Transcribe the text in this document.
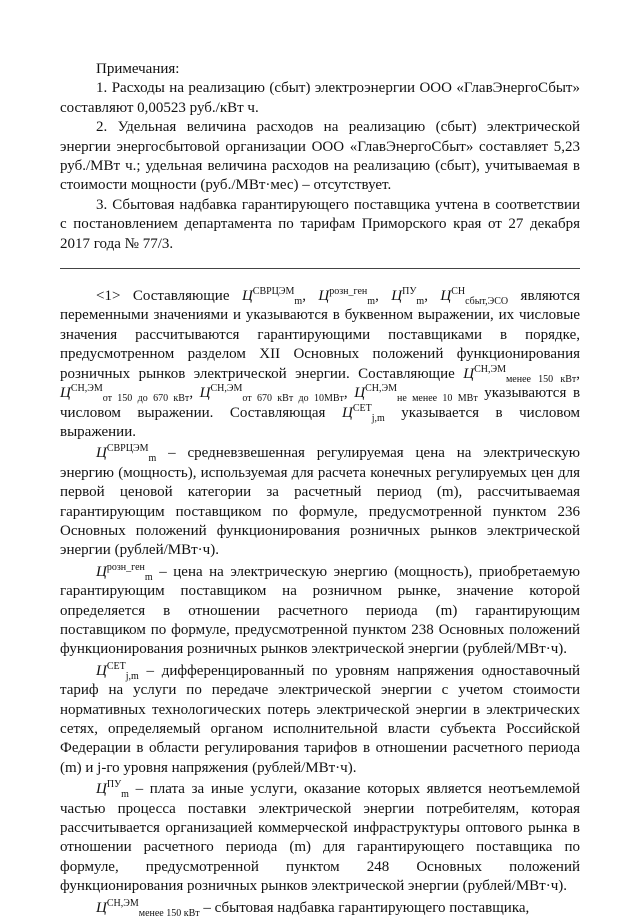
Примечания:

1. Расходы на реализацию (сбыт) электроэнергии ООО «ГлавЭнергоСбыт» составляют 0,00523 руб./кВт ч.

2. Удельная величина расходов на реализацию (сбыт) электрической энергии энергосбытовой организации ООО «ГлавЭнергоСбыт» составляет 5,23 руб./МВт ч.; удельная величина расходов на реализацию (сбыт), учитываемая в стоимости мощности (руб./МВт·мес) – отсутствует.

3. Сбытовая надбавка гарантирующего поставщика учтена в соответствии с постановлением департамента по тарифам Приморского края от 27 декабря 2017 года № 77/3.

<1> Составляющие $Ц^{СВРЦЭМ}_m$, $Ц^{розн\_ген}_m$, $Ц^{ПУ}_m$, $Ц^{СН}_{сбыт,ЭСО}$ являются переменными значениями и указываются в буквенном выражении, их числовые значения рассчитываются гарантирующими поставщиками в порядке, предусмотренном разделом XII Основных положений функционирования розничных рынков электрической энергии. Составляющие $Ц^{СН,ЭМ}_{менее 150 кВт}$, $Ц^{СН,ЭМ}_{от 150 до 670 кВт}$, $Ц^{СН,ЭМ}_{от 670 кВт до 10МВт}$, $Ц^{СН,ЭМ}_{не менее 10 МВт}$ указываются в числовом выражении. Составляющая $Ц^{СЕТ}_{j,m}$ указывается в числовом выражении.

$Ц^{СВРЦЭМ}_m$ – средневзвешенная регулируемая цена на электрическую энергию (мощность), используемая для расчета конечных регулируемых цен для первой ценовой категории за расчетный период (m), рассчитываемая гарантирующим поставщиком по формуле, предусмотренной пунктом 236 Основных положений функционирования розничных рынков электрической энергии (рублей/МВт·ч).

$Ц^{розн\_ген}_m$ – цена на электрическую энергию (мощность), приобретаемую гарантирующим поставщиком на розничном рынке, значение которой определяется в отношении расчетного периода (m) гарантирующим поставщиком по формуле, предусмотренной пунктом 238 Основных положений функционирования розничных рынков электрической энергии (рублей/МВт·ч).

$Ц^{СЕТ}_{j,m}$ – дифференцированный по уровням напряжения одноставочный тариф на услуги по передаче электрической энергии с учетом стоимости нормативных технологических потерь электрической энергии в электрических сетях, определяемый органом исполнительной власти субъекта Российской Федерации в области регулирования тарифов в отношении расчетного периода (m) и j-го уровня напряжения (рублей/МВт·ч).

$Ц^{ПУ}_m$ – плата за иные услуги, оказание которых является неотъемлемой частью процесса поставки электрической энергии потребителям, которая рассчитывается организацией коммерческой инфраструктуры оптового рынка в отношении расчетного периода (m) для гарантирующего поставщика по формуле, предусмотренной пунктом 248 Основных положений функционирования розничных рынков электрической энергии (рублей/МВт·ч).

$Ц^{СН,ЭМ}_{менее 150 кВт}$ – сбытовая надбавка гарантирующего поставщика,
